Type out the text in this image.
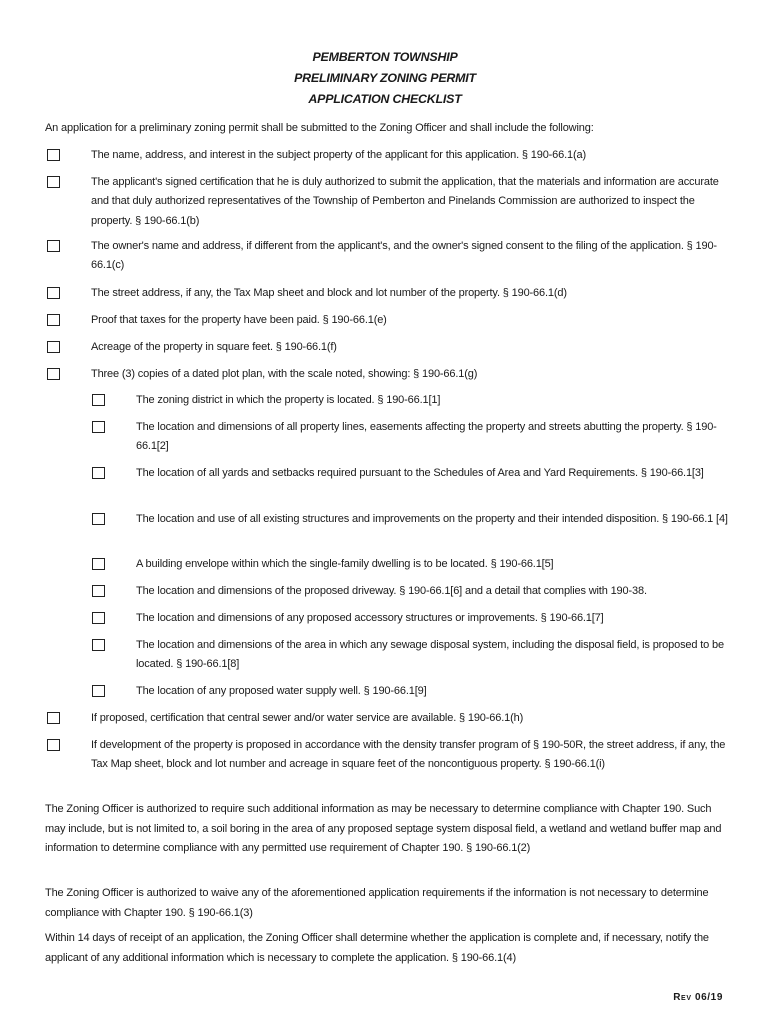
PEMBERTON TOWNSHIP
PRELIMINARY ZONING PERMIT
APPLICATION CHECKLIST
An application for a preliminary zoning permit shall be submitted to the Zoning Officer and shall include the following:
The name, address, and interest in the subject property of the applicant for this application. § 190-66.1(a)
The applicant's signed certification that he is duly authorized to submit the application, that the materials and information are accurate and that duly authorized representatives of the Township of Pemberton and Pinelands Commission are authorized to inspect the property. § 190-66.1(b)
The owner's name and address, if different from the applicant's, and the owner's signed consent to the filing of the application. § 190-66.1(c)
The street address, if any, the Tax Map sheet and block and lot number of the property. § 190-66.1(d)
Proof that taxes for the property have been paid. § 190-66.1(e)
Acreage of the property in square feet. § 190-66.1(f)
Three (3) copies of a dated plot plan, with the scale noted, showing: § 190-66.1(g)
The zoning district in which the property is located. § 190-66.1[1]
The location and dimensions of all property lines, easements affecting the property and streets abutting the property. § 190-66.1[2]
The location of all yards and setbacks required pursuant to the Schedules of Area and Yard Requirements. § 190-66.1[3]
The location and use of all existing structures and improvements on the property and their intended disposition. § 190-66.1 [4]
A building envelope within which the single-family dwelling is to be located. § 190-66.1[5]
The location and dimensions of the proposed driveway. § 190-66.1[6] and a detail that complies with 190-38.
The location and dimensions of any proposed accessory structures or improvements. § 190-66.1[7]
The location and dimensions of the area in which any sewage disposal system, including the disposal field, is proposed to be located. § 190-66.1[8]
The location of any proposed water supply well. § 190-66.1[9]
If proposed, certification that central sewer and/or water service are available. § 190-66.1(h)
If development of the property is proposed in accordance with the density transfer program of § 190-50R, the street address, if any, the Tax Map sheet, block and lot number and acreage in square feet of the noncontiguous property. § 190-66.1(i)
The Zoning Officer is authorized to require such additional information as may be necessary to determine compliance with Chapter 190. Such may include, but is not limited to, a soil boring in the area of any proposed septage system disposal field, a wetland and wetland buffer map and information to determine compliance with any permitted use requirement of Chapter 190. § 190-66.1(2)
The Zoning Officer is authorized to waive any of the aforementioned application requirements if the information is not necessary to determine compliance with Chapter 190. § 190-66.1(3)
Within 14 days of receipt of an application, the Zoning Officer shall determine whether the application is complete and, if necessary, notify the applicant of any additional information which is necessary to complete the application. § 190-66.1(4)
Rev 06/19
